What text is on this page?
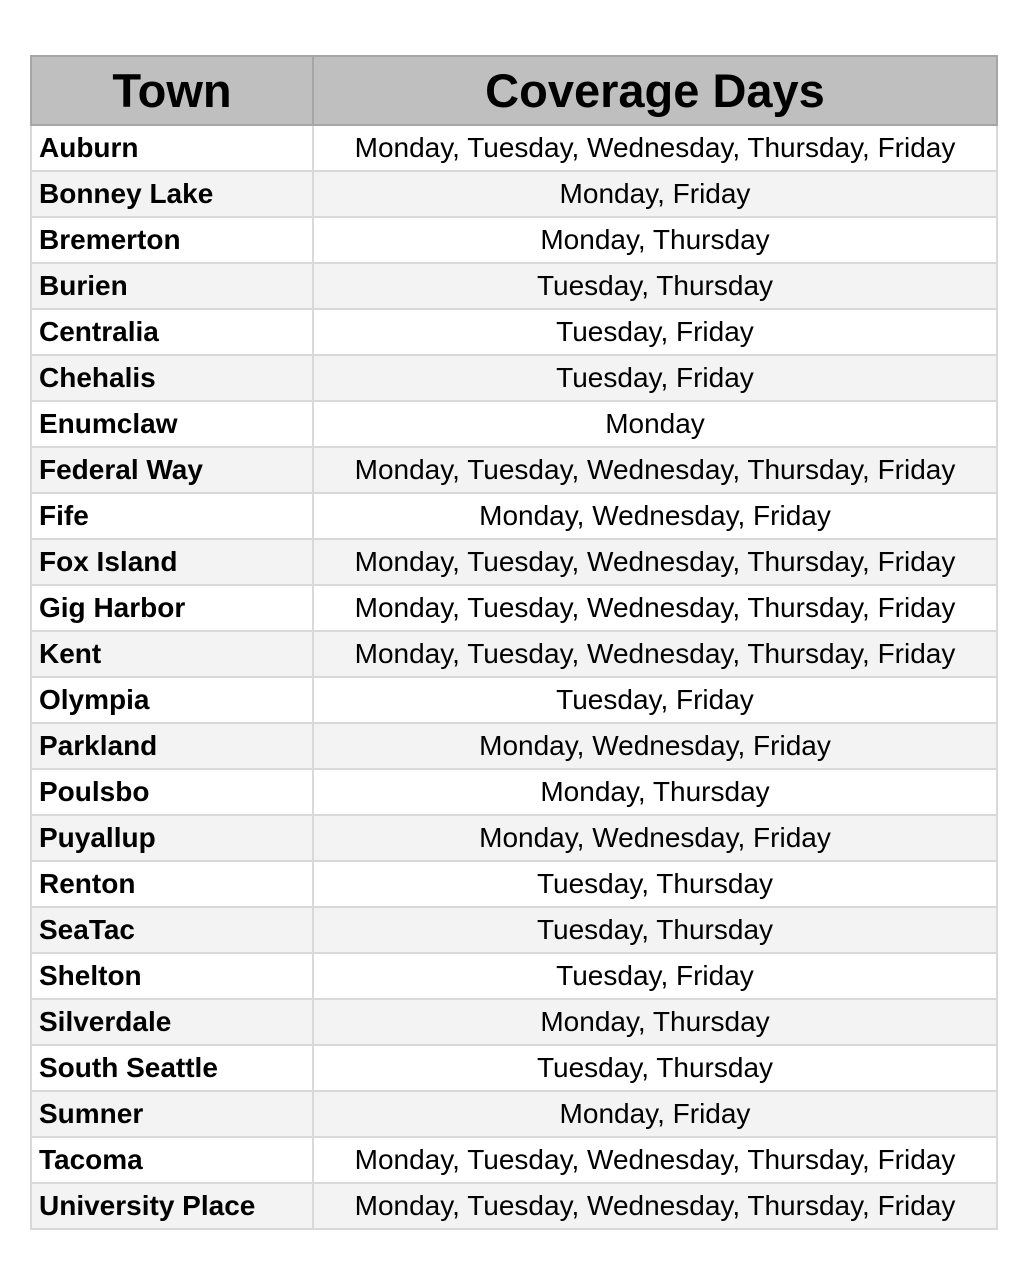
Town	Coverage Days
Auburn	Monday, Tuesday, Wednesday, Thursday, Friday
Bonney Lake	Monday, Friday
Bremerton	Monday, Thursday
Burien	Tuesday, Thursday
Centralia	Tuesday, Friday
Chehalis	Tuesday, Friday
Enumclaw	Monday
Federal Way	Monday, Tuesday, Wednesday, Thursday, Friday
Fife	Monday, Wednesday, Friday
Fox Island	Monday, Tuesday, Wednesday, Thursday, Friday
Gig Harbor	Monday, Tuesday, Wednesday, Thursday, Friday
Kent	Monday, Tuesday, Wednesday, Thursday, Friday
Olympia	Tuesday, Friday
Parkland	Monday, Wednesday, Friday
Poulsbo	Monday, Thursday
Puyallup	Monday, Wednesday, Friday
Renton	Tuesday, Thursday
SeaTac	Tuesday, Thursday
Shelton	Tuesday, Friday
Silverdale	Monday, Thursday
South Seattle	Tuesday, Thursday
Sumner	Monday, Friday
Tacoma	Monday, Tuesday, Wednesday, Thursday, Friday
University Place	Monday, Tuesday, Wednesday, Thursday, Friday
